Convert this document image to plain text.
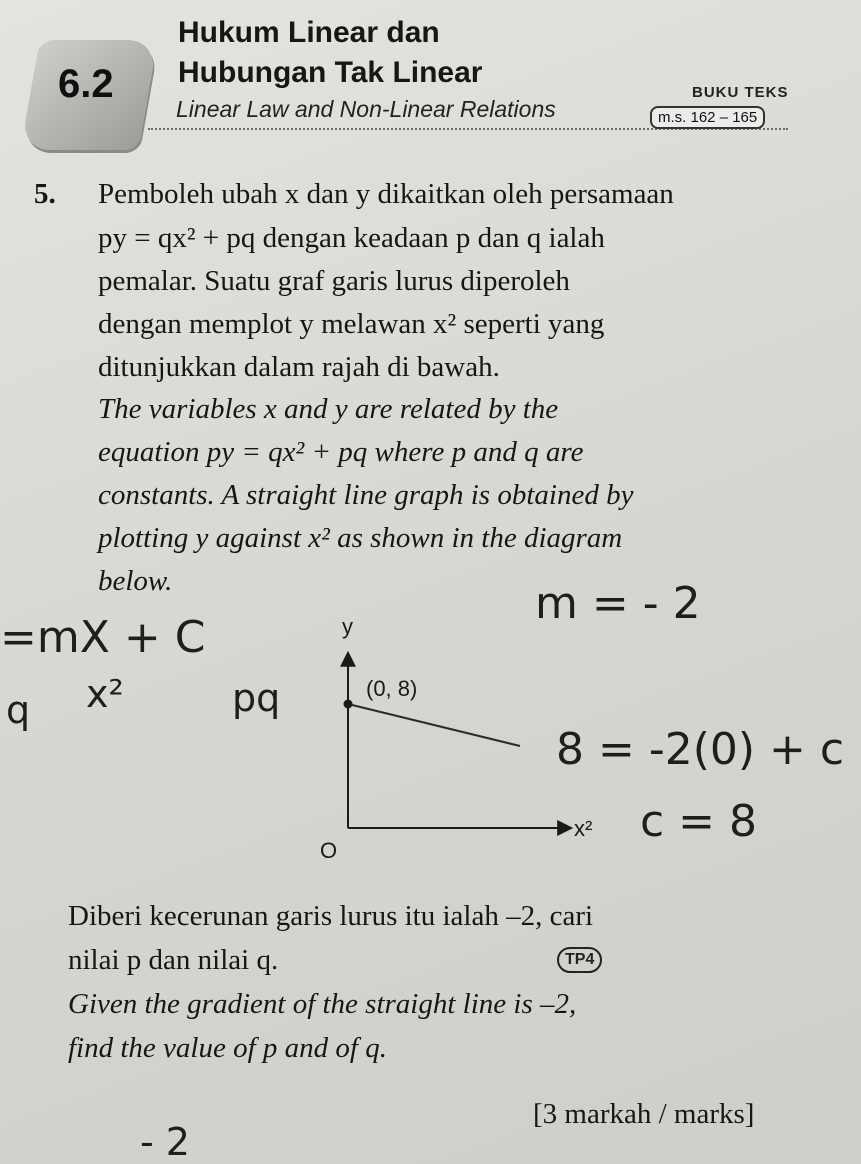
6.2
Hukum Linear dan
Hubungan Tak Linear
Linear Law and Non-Linear Relations
BUKU TEKS
m.s. 162 – 165
5. Pemboleh ubah x dan y dikaitkan oleh persamaan
py = qx² + pq dengan keadaan p dan q ialah
pemalar. Suatu graf garis lurus diperoleh
dengan memplot y melawan x² seperti yang
ditunjukkan dalam rajah di bawah.
The variables x and y are related by the
equation py = qx² + pq where p and q are
constants. A straight line graph is obtained by
plotting y against x² as shown in the diagram
below.
y
x²
O
(0, 8)
m = - 2
=mX + C
q x²	pq
8 = -2(0) + c
c = 8
- 2
Diberi kecerunan garis lurus itu ialah –2, cari
nilai p dan nilai q.	TP4
Given the gradient of the straight line is –2,
find the value of p and of q.
[3 markah / marks]
